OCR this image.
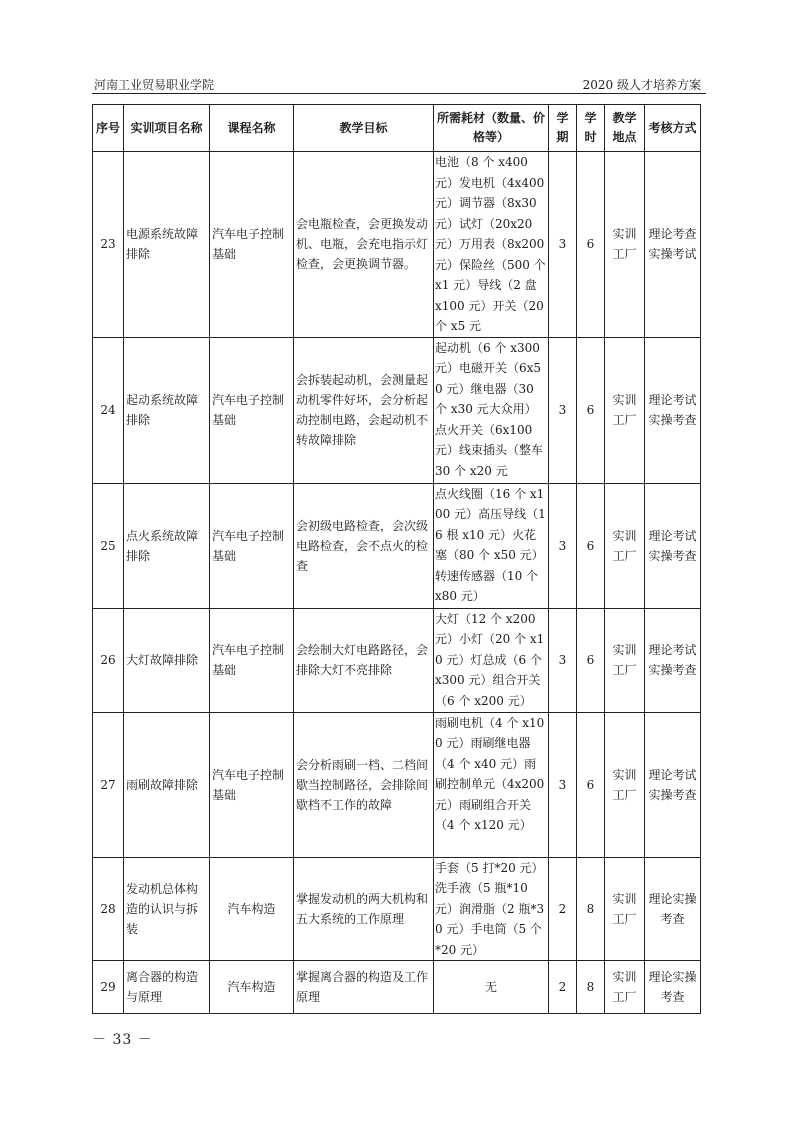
河南工业贸易职业学院	2020 级人才培养方案
序号	实训项目名称	课程名称	教学目标	所需耗材（数量、价格等）	学期	学时	教学地点	考核方式
23	电源系统故障排除	汽车电子控制基础	会电瓶检查，会更换发动机、电瓶，会充电指示灯检查，会更换调节器。	电池（8 个 x400 元）发电机（4x400 元）调节器（8x30 元）试灯（20x20 元）万用表（8x200 元）保险丝（500 个 x1 元）导线（2 盘 x100 元）开关（20 个 x5 元	3	6	实训工厂	理论考查实操考试
24	起动系统故障排除	汽车电子控制基础	会拆装起动机，会测量起动机零件好坏，会分析起动控制电路，会起动机不转故障排除	起动机（6 个 x300 元）电磁开关（6x50 元）继电器（30 个 x30 元大众用）点火开关（6x100 元）线束插头（整车 30 个 x20 元	3	6	实训工厂	理论考试实操考查
25	点火系统故障排除	汽车电子控制基础	会初级电路检查，会次级电路检查，会不点火的检查	点火线圈（16 个 x100 元）高压导线（16 根 x10 元）火花塞（80 个 x50 元）转速传感器（10 个 x80 元）	3	6	实训工厂	理论考试实操考查
26	大灯故障排除	汽车电子控制基础	会绘制大灯电路路径，会排除大灯不亮排除	大灯（12 个 x200 元）小灯（20 个 x10 元）灯总成（6 个 x300 元）组合开关（6 个 x200 元）	3	6	实训工厂	理论考试实操考查
27	雨刷故障排除	汽车电子控制基础	会分析雨刷一档、二档间歇当控制路径，会排除间歇档不工作的故障	雨刷电机（4 个 x100 元）雨刷继电器（4 个 x40 元）雨刷控制单元（4x200 元）雨刷组合开关（4 个 x120 元）	3	6	实训工厂	理论考试实操考查
28	发动机总体构造的认识与拆装	汽车构造	掌握发动机的两大机构和五大系统的工作原理	手套（5 打*20 元）洗手液（5 瓶*10 元）润滑脂（2 瓶*30 元）手电筒（5 个*20 元）	2	8	实训工厂	理论实操考查
29	离合器的构造与原理	汽车构造	掌握离合器的构造及工作原理	无	2	8	实训工厂	理论实操考查
－ 33 －
